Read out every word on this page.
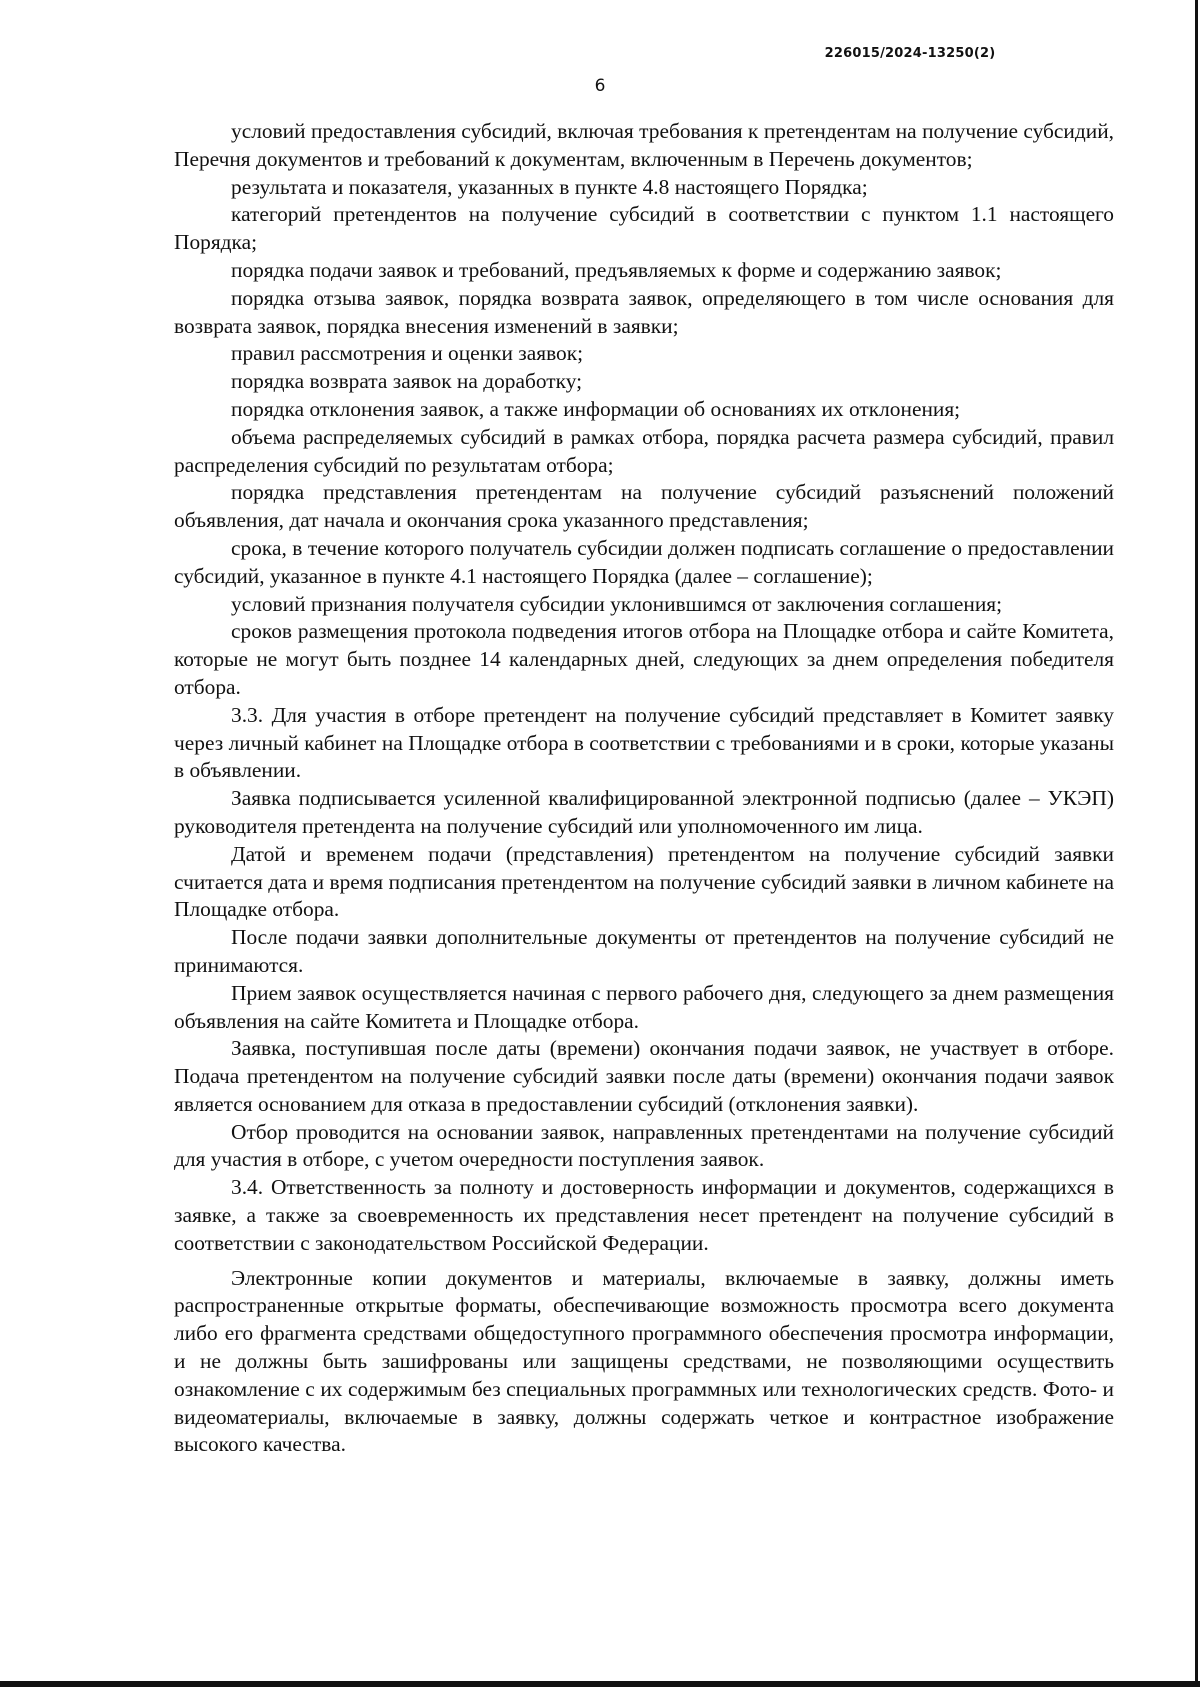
226015/2024-13250(2)
6

условий предоставления субсидий, включая требования к претендентам на получение субсидий, Перечня документов и требований к документам, включенным в Перечень документов;

результата и показателя, указанных в пункте 4.8 настоящего Порядка;

категорий претендентов на получение субсидий в соответствии с пунктом 1.1 настоящего Порядка;

порядка подачи заявок и требований, предъявляемых к форме и содержанию заявок;

порядка отзыва заявок, порядка возврата заявок, определяющего в том числе основания для возврата заявок, порядка внесения изменений в заявки;

правил рассмотрения и оценки заявок;

порядка возврата заявок на доработку;

порядка отклонения заявок, а также информации об основаниях их отклонения;

объема распределяемых субсидий в рамках отбора, порядка расчета размера субсидий, правил распределения субсидий по результатам отбора;

порядка представления претендентам на получение субсидий разъяснений положений объявления, дат начала и окончания срока указанного представления;

срока, в течение которого получатель субсидии должен подписать соглашение о предоставлении субсидий, указанное в пункте 4.1 настоящего Порядка (далее – соглашение);

условий признания получателя субсидии уклонившимся от заключения соглашения;

сроков размещения протокола подведения итогов отбора на Площадке отбора и сайте Комитета, которые не могут быть позднее 14 календарных дней, следующих за днем определения победителя отбора.

3.3. Для участия в отборе претендент на получение субсидий представляет в Комитет заявку через личный кабинет на Площадке отбора в соответствии с требованиями и в сроки, которые указаны в объявлении.

Заявка подписывается усиленной квалифицированной электронной подписью (далее – УКЭП) руководителя претендента на получение субсидий или уполномоченного им лица.

Датой и временем подачи (представления) претендентом на получение субсидий заявки считается дата и время подписания претендентом на получение субсидий заявки в личном кабинете на Площадке отбора.

После подачи заявки дополнительные документы от претендентов на получение субсидий не принимаются.

Прием заявок осуществляется начиная с первого рабочего дня, следующего за днем размещения объявления на сайте Комитета и Площадке отбора.

Заявка, поступившая после даты (времени) окончания подачи заявок, не участвует в отборе. Подача претендентом на получение субсидий заявки после даты (времени) окончания подачи заявок является основанием для отказа в предоставлении субсидий (отклонения заявки).

Отбор проводится на основании заявок, направленных претендентами на получение субсидий для участия в отборе, с учетом очередности поступления заявок.

3.4. Ответственность за полноту и достоверность информации и документов, содержащихся в заявке, а также за своевременность их представления несет претендент на получение субсидий в соответствии с законодательством Российской Федерации.

Электронные копии документов и материалы, включаемые в заявку, должны иметь распространенные открытые форматы, обеспечивающие возможность просмотра всего документа либо его фрагмента средствами общедоступного программного обеспечения просмотра информации, и не должны быть зашифрованы или защищены средствами, не позволяющими осуществить ознакомление с их содержимым без специальных программных или технологических средств. Фото- и видеоматериалы, включаемые в заявку, должны содержать четкое и контрастное изображение высокого качества.
